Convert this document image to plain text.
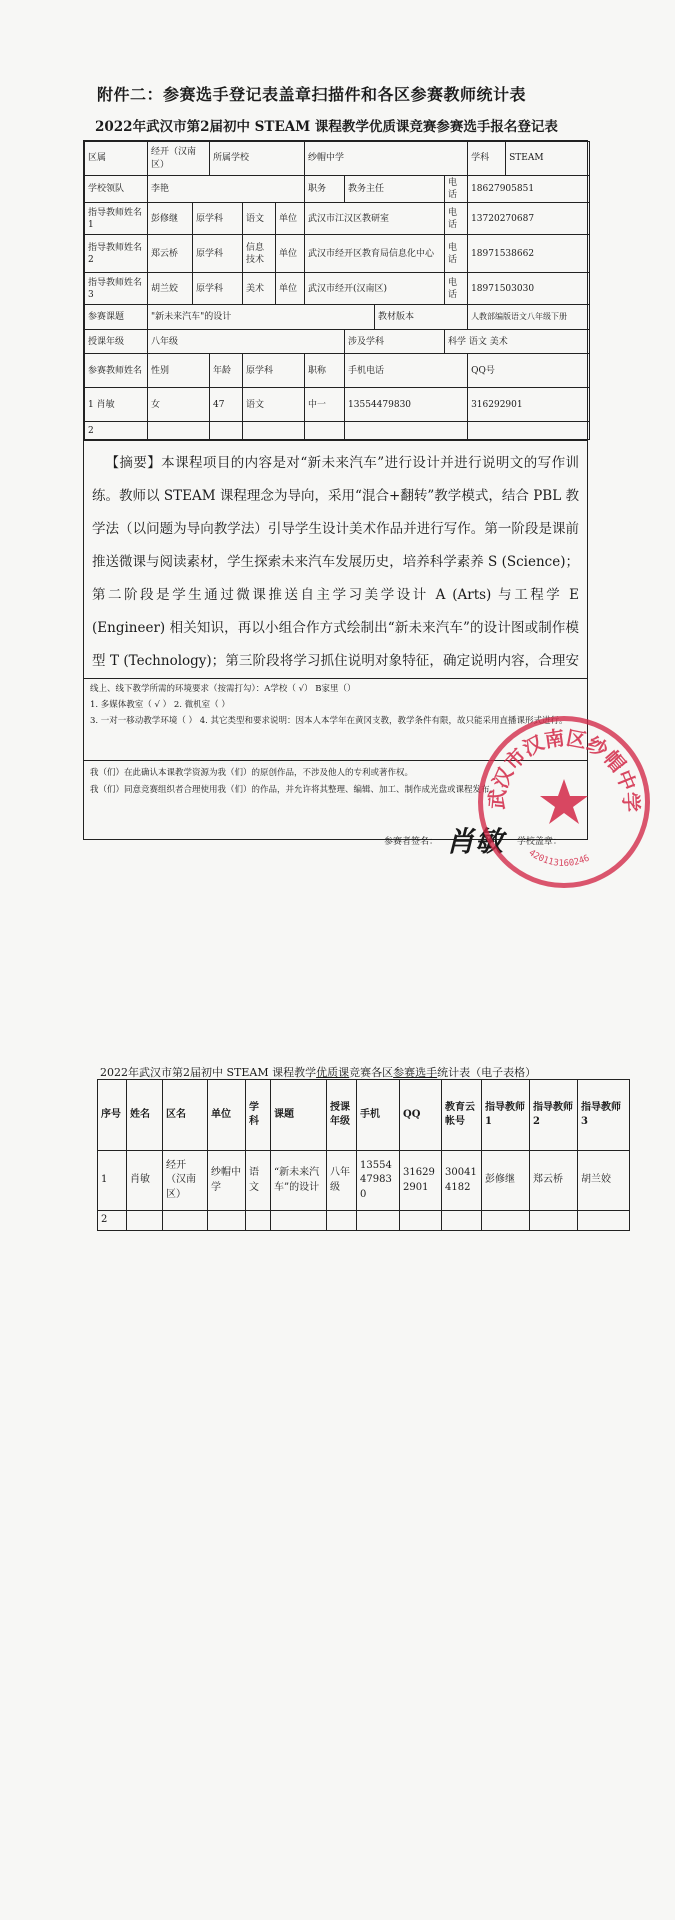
附件二：参赛选手登记表盖章扫描件和各区参赛教师统计表
2022年武汉市第2届初中 STEAM 课程教学优质课竞赛参赛选手报名登记表
区属	经开（汉南区）		所属学校			纱帽中学				学科	STEAM
学校领队	李艳					职务	教务主任		电话	18627905851	
指导教师姓名1	彭修继	原学科		语文	单位	武汉市江汉区教研室			电话	13720270687	
指导教师姓名2	郑云桥	原学科		信息技术	单位	武汉市经开区教育局信息化中心			电话	18971538662	
指导教师姓名3	胡兰姣	原学科		美术	单位	武汉市经开(汉南区)			电话	18971503030	
参赛课题	"新未来汽车"的设计							教材版本		人教部编版语文八年级下册	
授课年级	八年级						涉及学科		科学 语文 美术		
参赛教师姓名	性别		年龄	原学科		职称	手机电话			QQ号	
1 肖敏	女		47	语文		中一	13554479830			316292901	
2											
【摘要】本课程项目的内容是对“新未来汽车”进行设计并进行说明文的写作训练。教师以 STEAM 课程理念为导向，采用“混合+翻转”教学模式，结合 PBL 教学法（以问题为导向教学法）引导学生设计美术作品并进行写作。第一阶段是课前推送微课与阅读素材，学生探索未来汽车发展历史，培养科学素养 S (Science)；第二阶段是学生通过微课推送自主学习美学设计 A (Arts) 与工程学 E (Engineer) 相关知识，再以小组合作方式绘制出“新未来汽车”的设计图或制作模型 T (Technology)；第三阶段将学习抓住说明对象特征，确定说明内容，合理安
线上、线下教学所需的环境要求（按需打勾）：A学校（ √） B家里（）
1. 多媒体教室（ √ ） 2. 微机室（ ）
3. 一对一移动教学环境（ ） 4. 其它类型和要求说明：因本人本学年在黄冈支教，教学条件有限，故只能采用直播课形式进行。
我（们）在此确认本课教学资源为我（们）的原创作品，不涉及他人的专利或著作权。
我（们）同意竞赛组织者合理使用我（们）的作品，并允许将其整理、编辑、加工、制作成光盘或课程发布。
参赛者签名： 肖敏 学校盖章：
武汉市汉南区纱帽中学
420113160246
2022年武汉市第2届初中 STEAM 课程教学优质课竞赛各区参赛选手统计表（电子表格）
序号	姓名	区名	单位	学科	课题	授课年级	手机	QQ	教育云帐号	指导教师1	指导教师2	指导教师3
1	肖敏	经开（汉南区）	纱帽中学	语文	“新未来汽车”的设计	八年级	13554479830	316292901	300414182	彭修继	郑云桥	胡兰姣
2												
